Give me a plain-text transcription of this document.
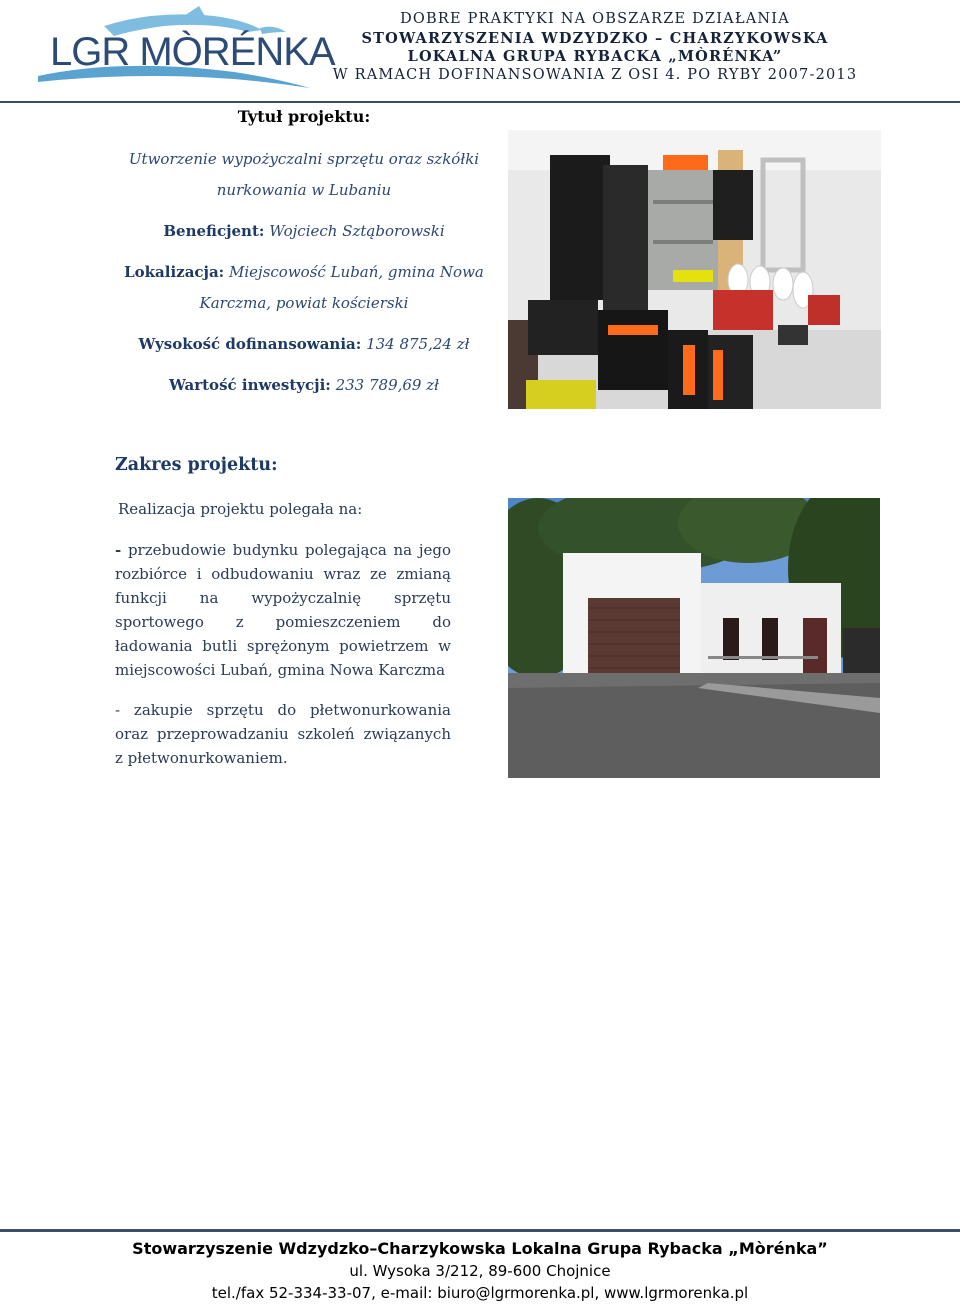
LGR MÒRÉNKA
DOBRE PRAKTYKI NA OBSZARZE DZIAŁANIA
STOWARZYSZENIA WDZYDZKO – CHARZYKOWSKA
LOKALNA GRUPA RYBACKA „MÒRÉNKA”
W RAMACH DOFINANSOWANIA Z OSI 4. PO RYBY 2007-2013
Tytuł projektu:
Utworzenie wypożyczalni sprzętu oraz szkółki nurkowania w Lubaniu
Beneficjent: Wojciech Sztąborowski
Lokalizacja: Miejscowość Lubań, gmina Nowa Karczma, powiat kościerski
Wysokość dofinansowania: 134 875,24 zł
Wartość inwestycji: 233 789,69 zł
Zakres projektu:
Realizacja projektu polegała na:
- przebudowie budynku polegająca na jego rozbiórce i odbudowaniu wraz ze zmianą funkcji na wypożyczalnię sprzętu sportowego z pomieszczeniem do ładowania butli sprężonym powietrzem w miejscowości Lubań, gmina Nowa Karczma
- zakupie sprzętu do płetwonurkowania oraz przeprowadzaniu szkoleń związanych z płetwonurkowaniem.
Stowarzyszenie Wdzydzko–Charzykowska Lokalna Grupa Rybacka „Mòrénka”
ul. Wysoka 3/212, 89-600 Chojnice
tel./fax 52-334-33-07, e-mail: biuro@lgrmorenka.pl, www.lgrmorenka.pl
